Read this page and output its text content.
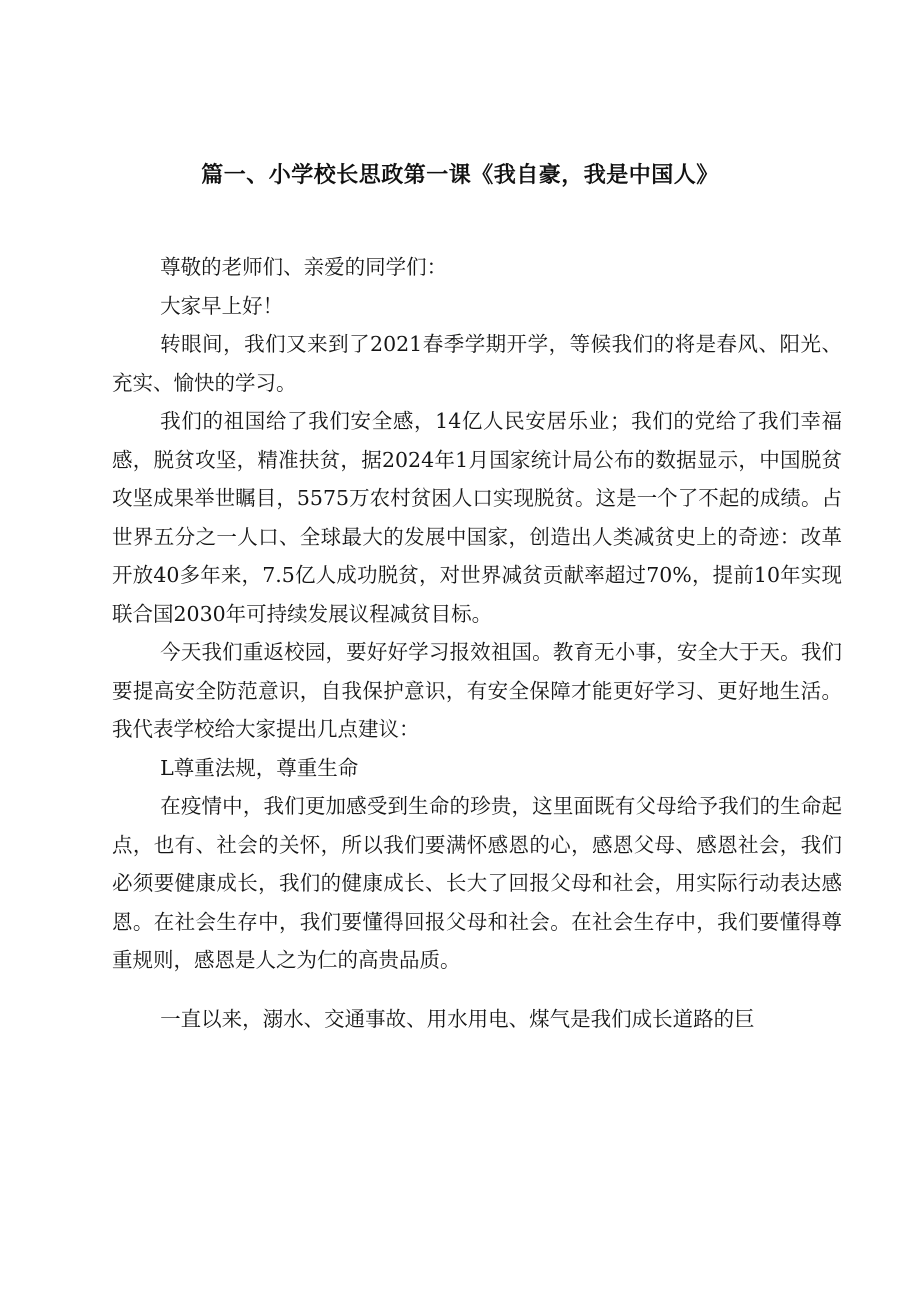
篇一、小学校长思政第一课《我自豪，我是中国人》

尊敬的老师们、亲爱的同学们：

大家早上好！

转眼间，我们又来到了2021春季学期开学，等候我们的将是春风、阳光、充实、愉快的学习。

我们的祖国给了我们安全感，14亿人民安居乐业；我们的党给了我们幸福感，脱贫攻坚，精准扶贫，据2024年1月国家统计局公布的数据显示，中国脱贫攻坚成果举世瞩目，5575万农村贫困人口实现脱贫。这是一个了不起的成绩。占世界五分之一人口、全球最大的发展中国家，创造出人类减贫史上的奇迹：改革开放40多年来，7.5亿人成功脱贫，对世界减贫贡献率超过70%，提前10年实现联合国2030年可持续发展议程减贫目标。

今天我们重返校园，要好好学习报效祖国。教育无小事，安全大于天。我们要提高安全防范意识，自我保护意识，有安全保障才能更好学习、更好地生活。我代表学校给大家提出几点建议：

L尊重法规，尊重生命

在疫情中，我们更加感受到生命的珍贵，这里面既有父母给予我们的生命起点，也有、社会的关怀，所以我们要满怀感恩的心，感恩父母、感恩社会，我们必须要健康成长，我们的健康成长、长大了回报父母和社会，用实际行动表达感恩。在社会生存中，我们要懂得回报父母和社会。在社会生存中，我们要懂得尊重规则，感恩是人之为仁的高贵品质。

一直以来，溺水、交通事故、用水用电、煤气是我们成长道路的巨
